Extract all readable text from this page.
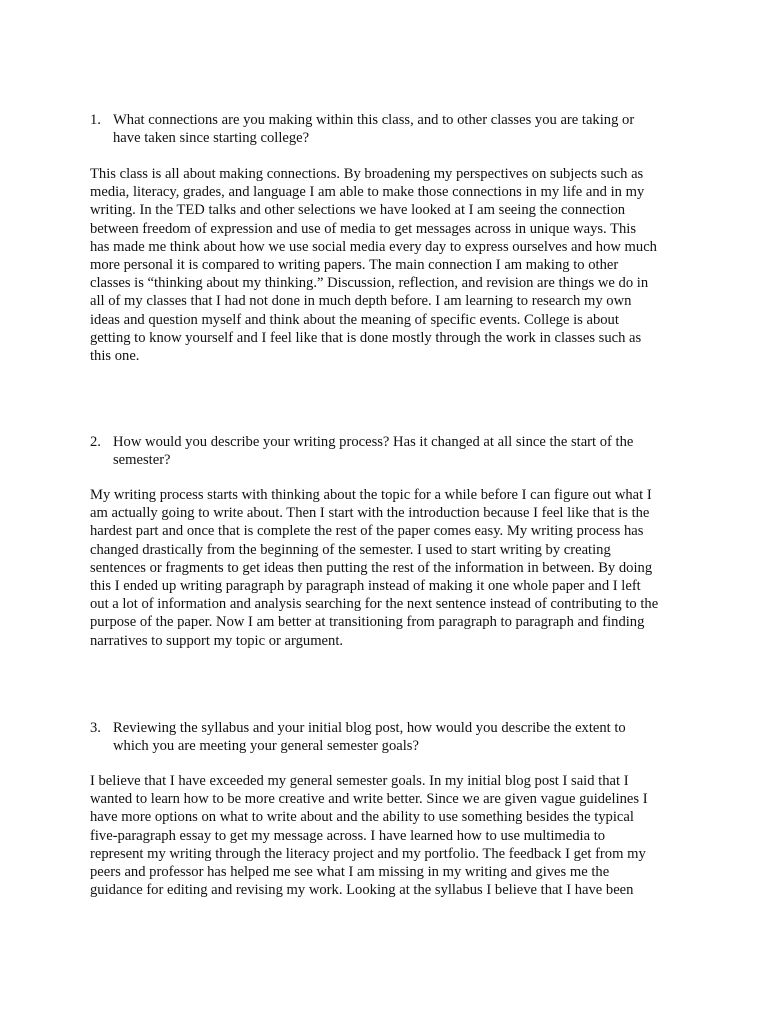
1. What connections are you making within this class, and to other classes you are taking or
have taken since starting college?
This class is all about making connections. By broadening my perspectives on subjects such as
media, literacy, grades, and language I am able to make those connections in my life and in my
writing. In the TED talks and other selections we have looked at I am seeing the connection
between freedom of expression and use of media to get messages across in unique ways. This
has made me think about how we use social media every day to express ourselves and how much
more personal it is compared to writing papers. The main connection I am making to other
classes is “thinking about my thinking.” Discussion, reflection, and revision are things we do in
all of my classes that I had not done in much depth before. I am learning to research my own
ideas and question myself and think about the meaning of specific events. College is about
getting to know yourself and I feel like that is done mostly through the work in classes such as
this one.
2. How would you describe your writing process? Has it changed at all since the start of the
semester?
My writing process starts with thinking about the topic for a while before I can figure out what I
am actually going to write about. Then I start with the introduction because I feel like that is the
hardest part and once that is complete the rest of the paper comes easy. My writing process has
changed drastically from the beginning of the semester. I used to start writing by creating
sentences or fragments to get ideas then putting the rest of the information in between. By doing
this I ended up writing paragraph by paragraph instead of making it one whole paper and I left
out a lot of information and analysis searching for the next sentence instead of contributing to the
purpose of the paper. Now I am better at transitioning from paragraph to paragraph and finding
narratives to support my topic or argument.
3. Reviewing the syllabus and your initial blog post, how would you describe the extent to
which you are meeting your general semester goals?
I believe that I have exceeded my general semester goals. In my initial blog post I said that I
wanted to learn how to be more creative and write better. Since we are given vague guidelines I
have more options on what to write about and the ability to use something besides the typical
five-paragraph essay to get my message across. I have learned how to use multimedia to
represent my writing through the literacy project and my portfolio. The feedback I get from my
peers and professor has helped me see what I am missing in my writing and gives me the
guidance for editing and revising my work. Looking at the syllabus I believe that I have been
